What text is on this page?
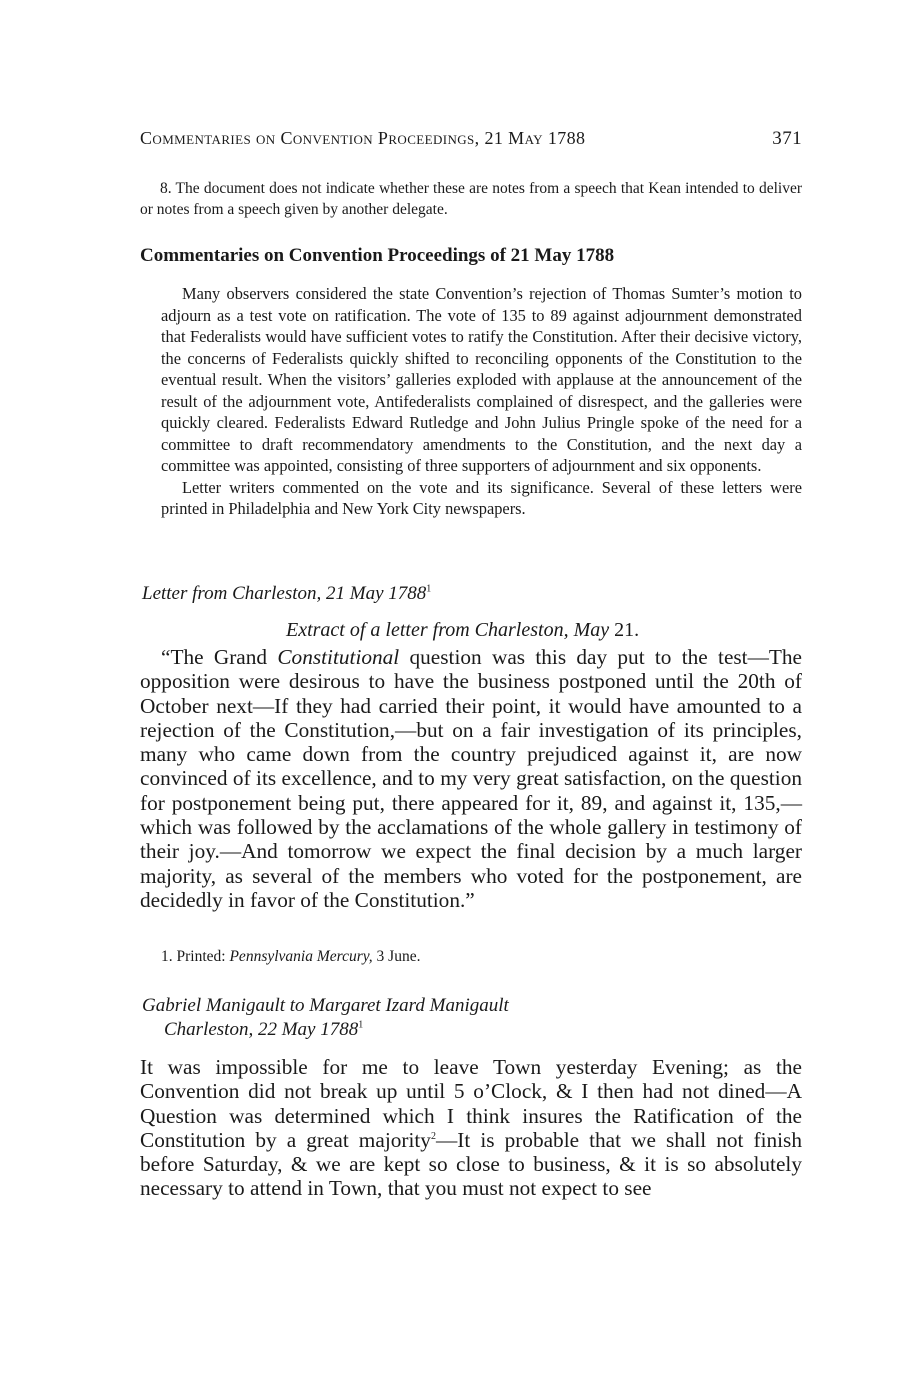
Commentaries on Convention Proceedings, 21 May 1788	371
8. The document does not indicate whether these are notes from a speech that Kean intended to deliver or notes from a speech given by another delegate.
Commentaries on Convention Proceedings of 21 May 1788

Many observers considered the state Convention’s rejection of Thomas Sumter’s motion to adjourn as a test vote on ratification. The vote of 135 to 89 against adjournment demonstrated that Federalists would have sufficient votes to ratify the Constitution. After their decisive victory, the concerns of Federalists quickly shifted to reconciling opponents of the Constitution to the eventual result. When the visitors’ galleries exploded with applause at the announcement of the result of the adjournment vote, Antifederalists complained of disrespect, and the galleries were quickly cleared. Federalists Edward Rutledge and John Julius Pringle spoke of the need for a committee to draft recommendatory amendments to the Constitution, and the next day a committee was appointed, consisting of three supporters of adjournment and six opponents.

Letter writers commented on the vote and its significance. Several of these letters were printed in Philadelphia and New York City newspapers.

Letter from Charleston, 21 May 1788$^1$
Extract of a letter from Charleston, May 21.

“The Grand Constitutional question was this day put to the test—The opposition were desirous to have the business postponed until the 20th of October next—If they had carried their point, it would have amounted to a rejection of the Constitution,—but on a fair investigation of its principles, many who came down from the country prejudiced against it, are now convinced of its excellence, and to my very great satisfaction, on the question for postponement being put, there appeared for it, 89, and against it, 135,—which was followed by the acclamations of the whole gallery in testimony of their joy.—And tomorrow we expect the final decision by a much larger majority, as several of the members who voted for the postponement, are decidedly in favor of the Constitution.”

1. Printed: Pennsylvania Mercury, 3 June.
Gabriel Manigault to Margaret Izard Manigault
Charleston, 22 May 1788$^1$

It was impossible for me to leave Town yesterday Evening; as the Convention did not break up until 5 o’Clock, & I then had not dined—A Question was determined which I think insures the Ratification of the Constitution by a great majority$^2$—It is probable that we shall not finish before Saturday, & we are kept so close to business, & it is so absolutely necessary to attend in Town, that you must not expect to see
